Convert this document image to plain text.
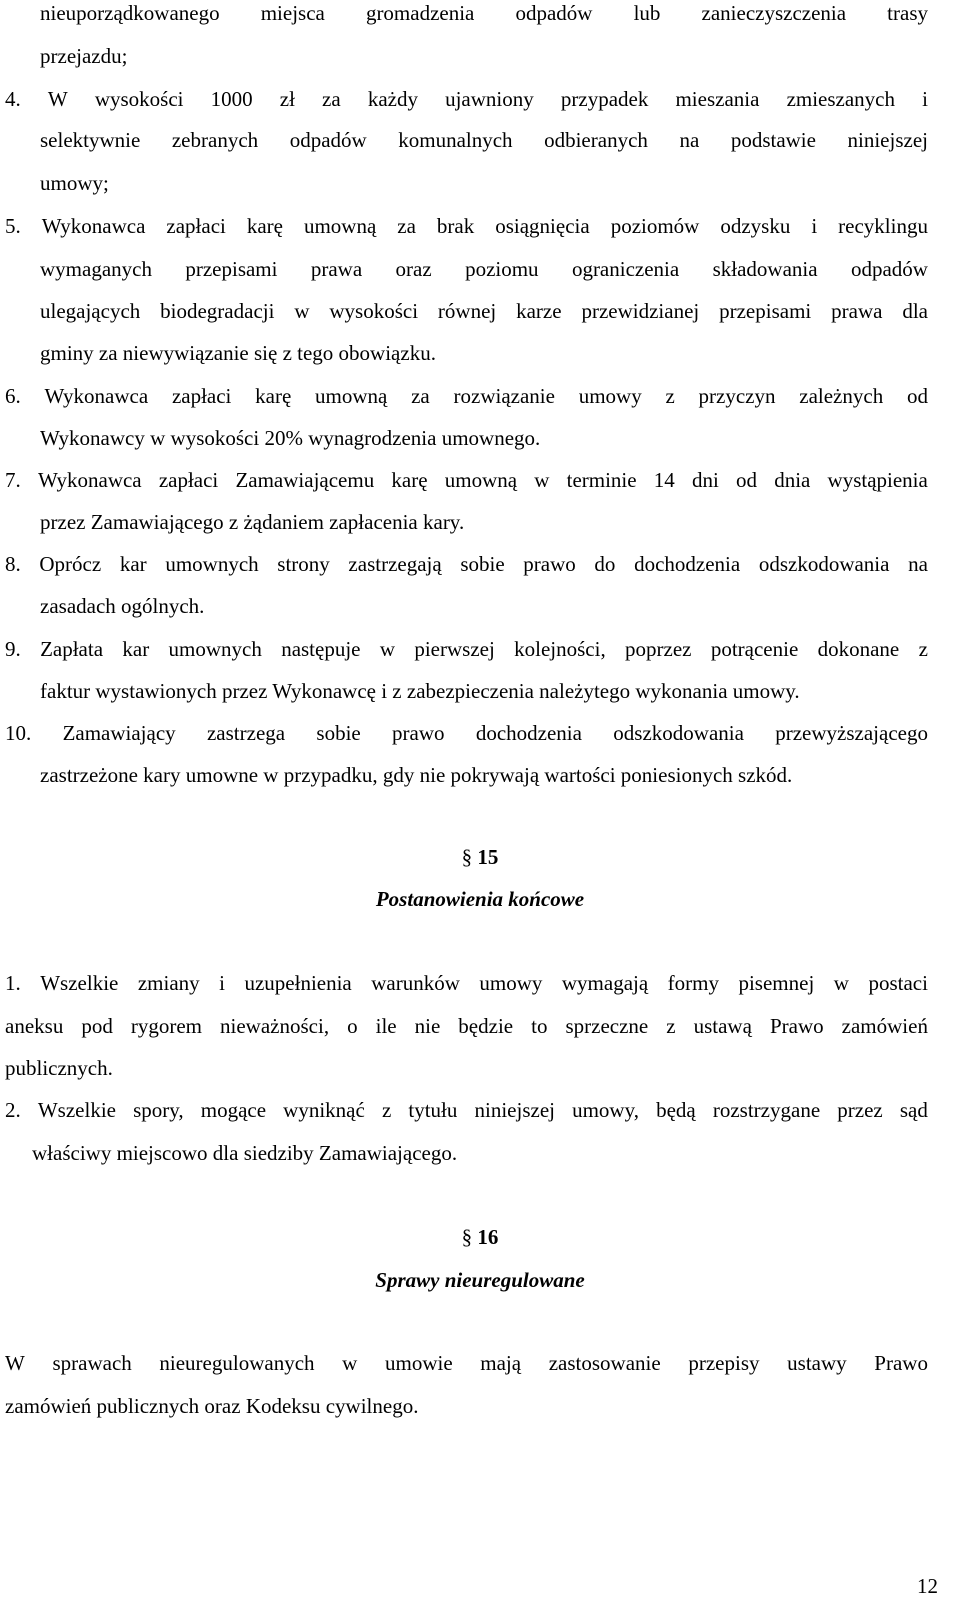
nieuporządkowanego miejsca gromadzenia odpadów lub zanieczyszczenia trasy
przejazdu;
4. W wysokości 1000 zł za każdy ujawniony przypadek mieszania zmieszanych i
selektywnie zebranych odpadów komunalnych odbieranych na podstawie niniejszej
umowy;
5. Wykonawca zapłaci karę umowną za brak osiągnięcia poziomów odzysku i recyklingu
wymaganych przepisami prawa oraz poziomu ograniczenia składowania odpadów
ulegających biodegradacji w wysokości równej karze przewidzianej przepisami prawa dla
gminy za niewywiązanie się z tego obowiązku.
6. Wykonawca zapłaci karę umowną za rozwiązanie umowy z przyczyn zależnych od
Wykonawcy w wysokości 20% wynagrodzenia umownego.
7. Wykonawca zapłaci Zamawiającemu karę umowną w terminie 14 dni od dnia wystąpienia
przez Zamawiającego z żądaniem zapłacenia kary.
8. Oprócz kar umownych strony zastrzegają sobie prawo do dochodzenia odszkodowania na
zasadach ogólnych.
9. Zapłata kar umownych następuje w pierwszej kolejności, poprzez potrącenie dokonane z
faktur wystawionych przez Wykonawcę i z zabezpieczenia należytego wykonania umowy.
10. Zamawiający zastrzega sobie prawo dochodzenia odszkodowania przewyższającego
zastrzeżone kary umowne w przypadku, gdy nie pokrywają wartości poniesionych szkód.
§ 15
Postanowienia końcowe
1. Wszelkie zmiany i uzupełnienia warunków umowy wymagają formy pisemnej w postaci
aneksu pod rygorem nieważności, o ile nie będzie to sprzeczne z ustawą Prawo zamówień
publicznych.
2. Wszelkie spory, mogące wyniknąć z tytułu niniejszej umowy, będą rozstrzygane przez sąd
właściwy miejscowo dla siedziby Zamawiającego.
§ 16
Sprawy nieuregulowane
W sprawach nieuregulowanych w umowie mają zastosowanie przepisy ustawy Prawo
zamówień publicznych oraz Kodeksu cywilnego.
12
